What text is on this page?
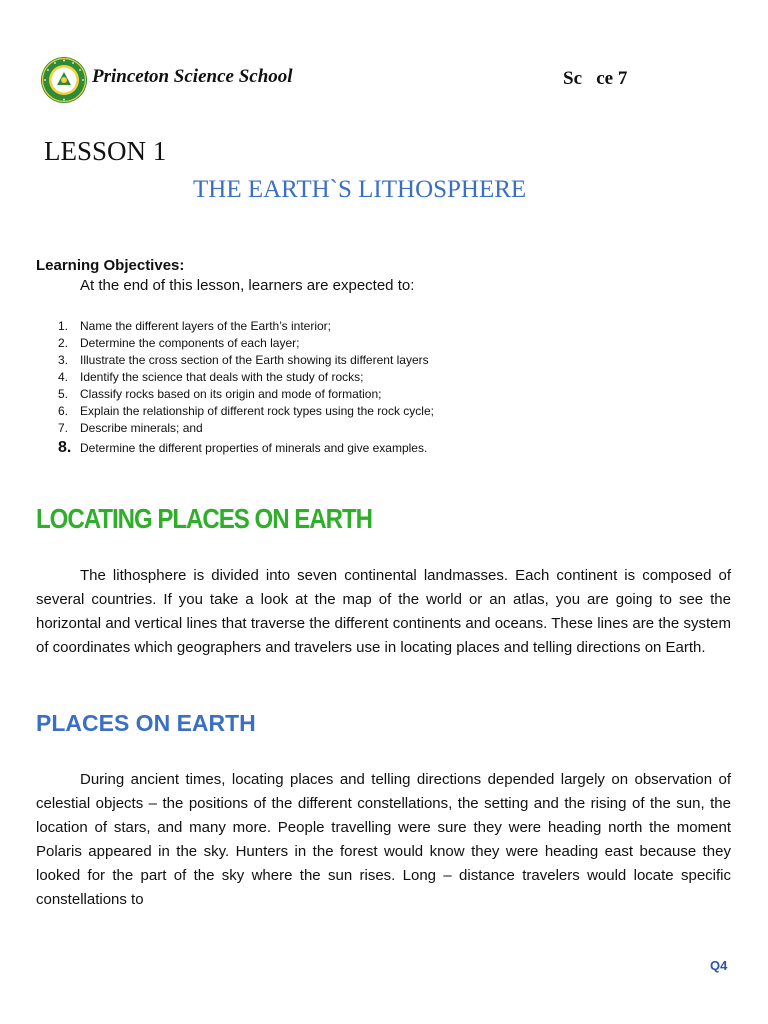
Princeton Science School	Sc   ce 7
LESSON 1
THE EARTH`S LITHOSPHERE
Learning Objectives:
At the end of this lesson, learners are expected to:
1. Name the different layers of the Earth’s interior;
2. Determine the components of each layer;
3. Illustrate the cross section of the Earth showing its different layers
4. Identify the science that deals with the study of rocks;
5. Classify rocks based on its origin and mode of formation;
6. Explain the relationship of different rock types using the rock cycle;
7. Describe minerals; and
8. Determine the different properties of minerals and give examples.
LOCATING PLACES ON EARTH

The lithosphere is divided into seven continental landmasses. Each continent is composed of several countries. If you take a look at the map of the world or an atlas, you are going to see the horizontal and vertical lines that traverse the different continents and oceans. These lines are the system of coordinates which geographers and travelers use in locating places and telling directions on Earth.

PLACES ON EARTH

During ancient times, locating places and telling directions depended largely on observation of celestial objects – the positions of the different constellations, the setting and the rising of the sun, the location of stars, and many more. People travelling were sure they were heading north the moment Polaris appeared in the sky. Hunters in the forest would know they were heading east because they looked for the part of the sky where the sun rises. Long – distance travelers would locate specific constellations to

Q4
